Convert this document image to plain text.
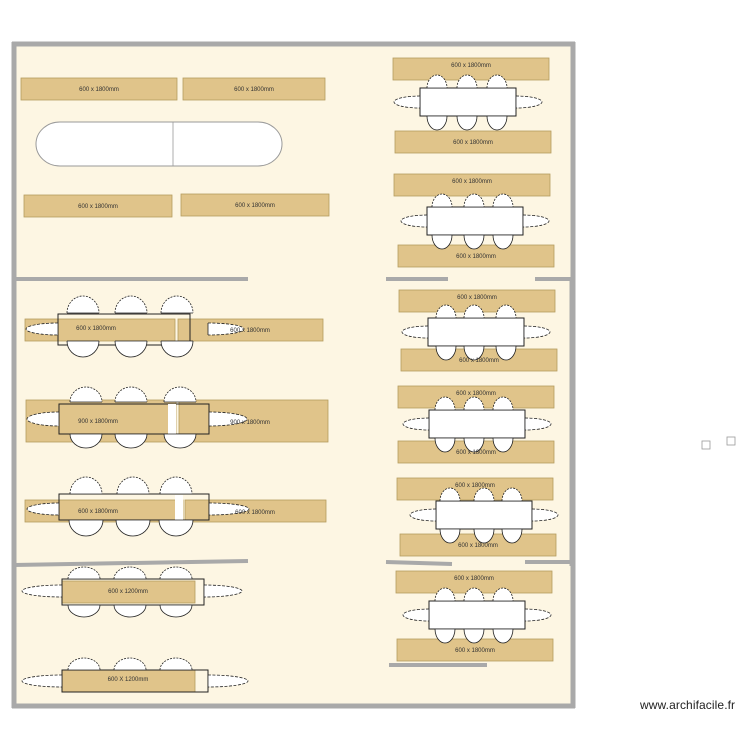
600 x 1800mm	600 x 1800mm
600 x 1800mm	600 x 1800mm
600 x 1800mm	600 x 1800mm
900 x 1800mm	900 x 1800mm
600 x 1800mm	600 x 1800mm
600 x 1200mm
600 X 1200mm
600 x 1800mm
600 x 1800mm
600 x 1800mm
600 x 1800mm
600 x 1800mm
600 x 1800mm
600 x 1800mm
600 x 1800mm
600 x 1800mm
600 x 1800mm
600 x 1800mm
600 x 1800mm
www.archifacile.fr
